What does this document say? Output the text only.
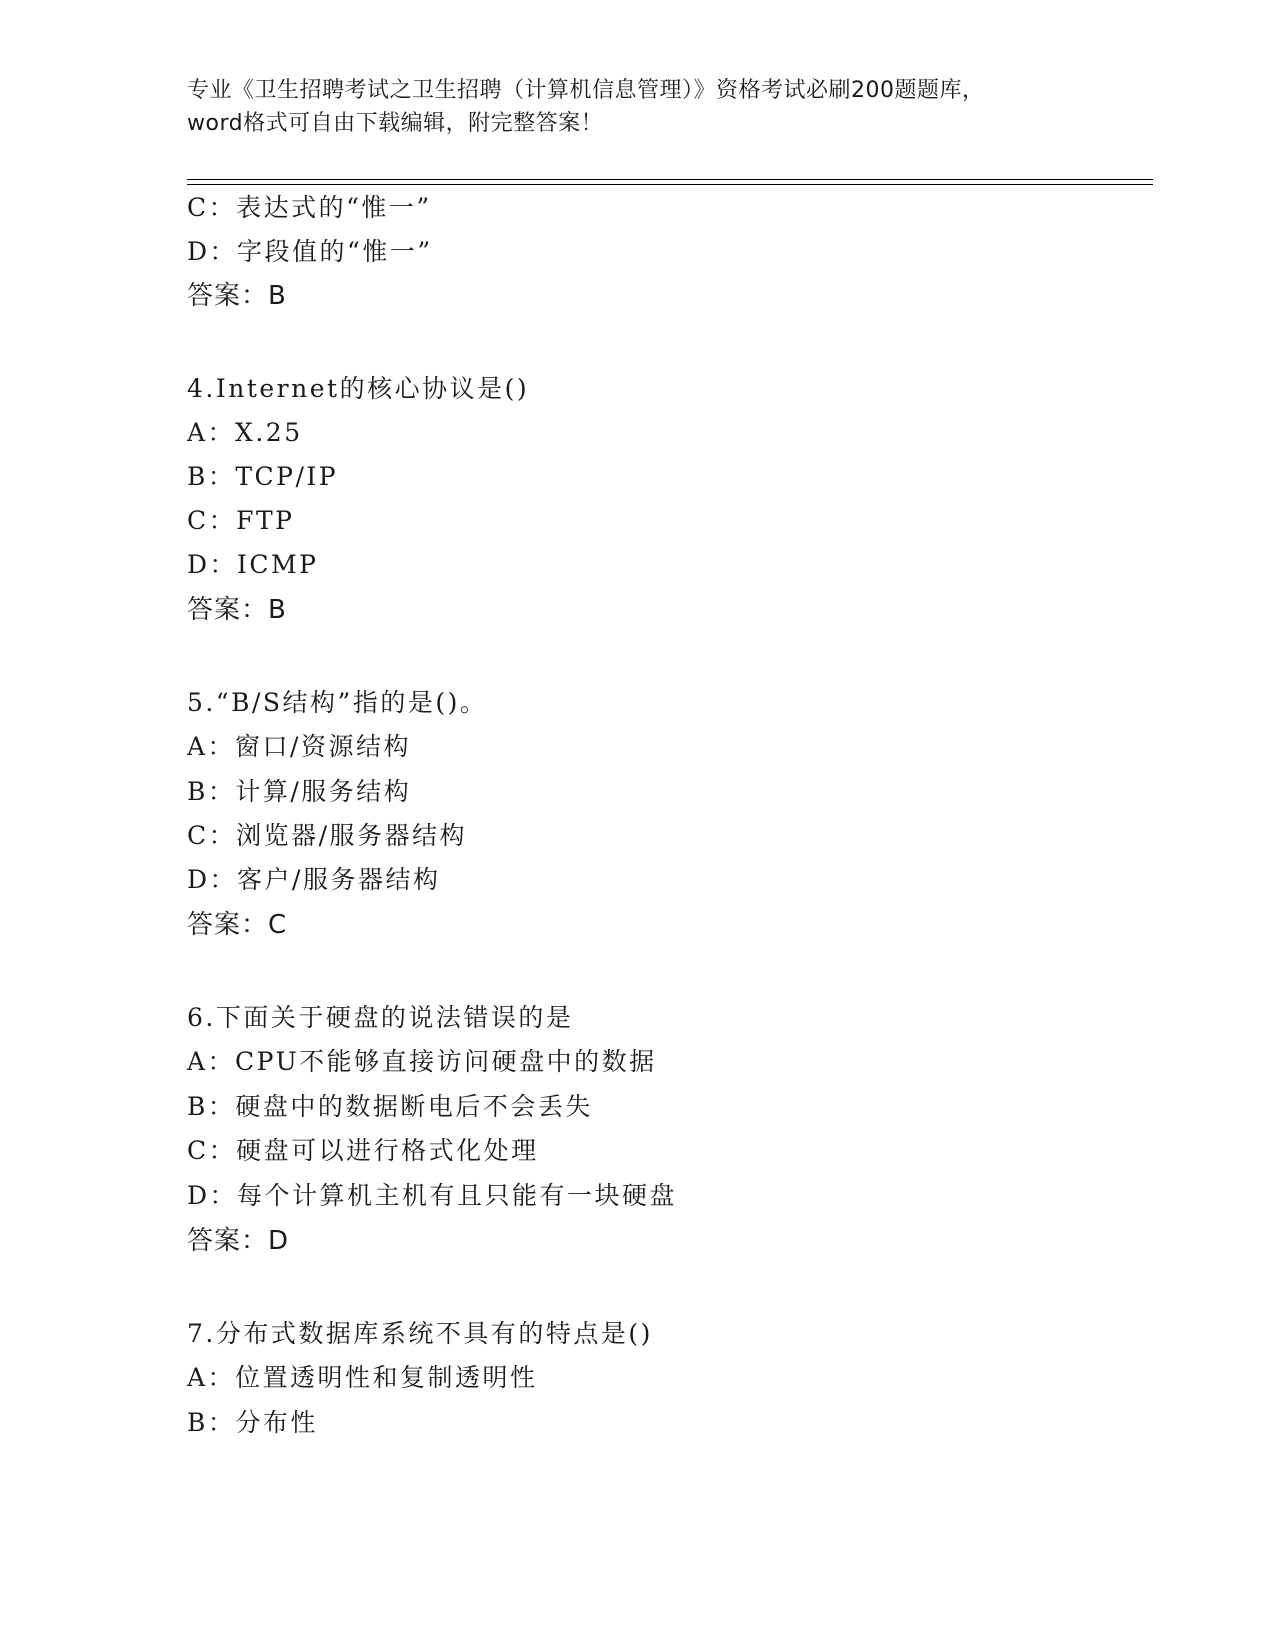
专业《卫生招聘考试之卫生招聘（计算机信息管理）》资格考试必刷200题题库，

word格式可自由下载编辑，附完整答案！

C：表达式的“惟一”
D：字段值的“惟一”
答案：B
4.Internet的核心协议是()
A：X.25
B：TCP/IP
C：FTP
D：ICMP
答案：B
5.“B/S结构”指的是()。
A：窗口/资源结构
B：计算/服务结构
C：浏览器/服务器结构
D：客户/服务器结构
答案：C
6.下面关于硬盘的说法错误的是
A：CPU不能够直接访问硬盘中的数据
B：硬盘中的数据断电后不会丢失
C：硬盘可以进行格式化处理
D：每个计算机主机有且只能有一块硬盘
答案：D
7.分布式数据库系统不具有的特点是()
A：位置透明性和复制透明性
B：分布性
